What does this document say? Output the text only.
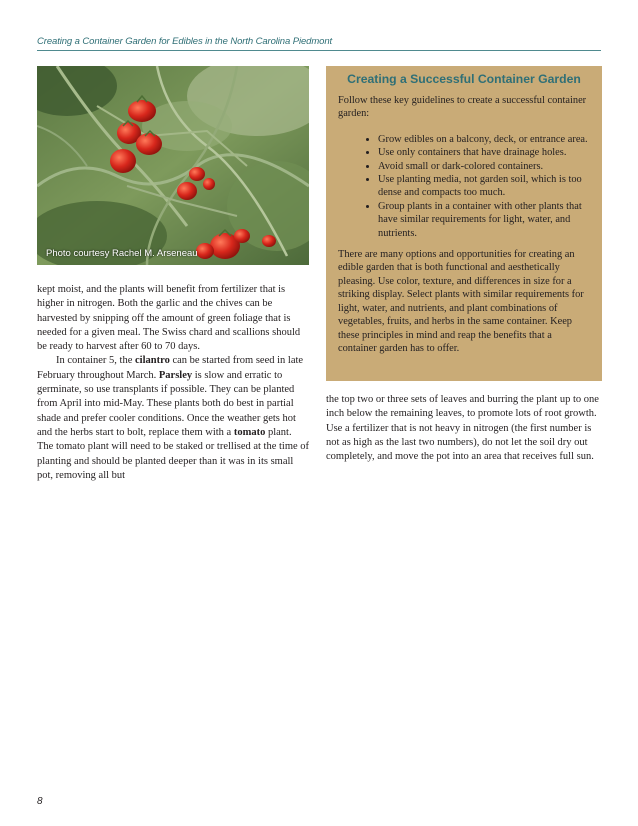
Creating a Container Garden for Edibles in the North Carolina Piedmont
Photo courtesy Rachel M. Arseneau
Creating a Successful Container Garden

Follow these key guidelines to create a successful container garden:

• Grow edibles on a balcony, deck, or entrance area.
• Use only containers that have drainage holes.
• Avoid small or dark-colored containers.
• Use planting media, not garden soil, which is too dense and compacts too much.
• Group plants in a container with other plants that have similar requirements for light, water, and nutrients.

There are many options and opportunities for creating an edible garden that is both functional and aesthetically pleasing. Use color, texture, and differences in size for a striking display. Select plants with similar requirements for light, water, and nutrients, and plant combinations of vegetables, fruits, and herbs in the same container. Keep these principles in mind and reap the benefits that a container garden has to offer.

kept moist, and the plants will benefit from fertilizer that is higher in nitrogen. Both the garlic and the chives can be harvested by snipping off the amount of green foliage that is needed for a given meal. The Swiss chard and scallions should be ready to harvest after 60 to 70 days.

In container 5, the cilantro can be started from seed in late February throughout March. Parsley is slow and erratic to germinate, so use transplants if possible. They can be planted from April into mid-May. These plants both do best in partial shade and prefer cooler conditions. Once the weather gets hot and the herbs start to bolt, replace them with a tomato plant. The tomato plant will need to be staked or trellised at the time of planting and should be planted deeper than it was in its small pot, removing all but

the top two or three sets of leaves and burring the plant up to one inch below the remaining leaves, to promote lots of root growth. Use a fertilizer that is not heavy in nitrogen (the first number is not as high as the last two numbers), do not let the soil dry out completely, and move the pot into an area that receives full sun.

8
